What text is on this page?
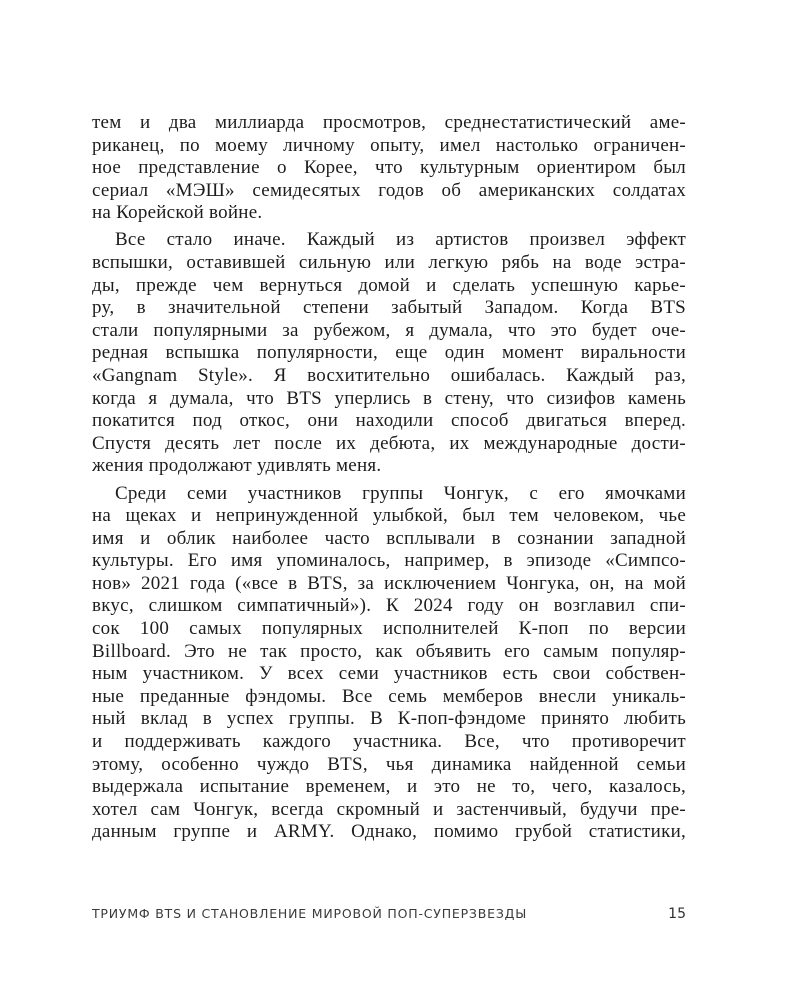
тем и два миллиарда просмотров, среднестатистический аме-
риканец, по моему личному опыту, имел настолько ограничен-
ное представление о Корее, что культурным ориентиром был
сериал «МЭШ» семидесятых годов об американских солдатах
на Корейской войне.
Все стало иначе. Каждый из артистов произвел эффект
вспышки, оставившей сильную или легкую рябь на воде эстра-
ды, прежде чем вернуться домой и сделать успешную карье-
ру, в значительной степени забытый Западом. Когда BTS
стали популярными за рубежом, я думала, что это будет оче-
редная вспышка популярности, еще один момент виральности
«Gangnam Style». Я восхитительно ошибалась. Каждый раз,
когда я думала, что BTS уперлись в стену, что сизифов камень
покатится под откос, они находили способ двигаться вперед.
Спустя десять лет после их дебюта, их международные дости-
жения продолжают удивлять меня.
Среди семи участников группы Чонгук, с его ямочками
на щеках и непринужденной улыбкой, был тем человеком, чье
имя и облик наиболее часто всплывали в сознании западной
культуры. Его имя упоминалось, например, в эпизоде «Симпсо-
нов» 2021 года («все в BTS, за исключением Чонгука, он, на мой
вкус, слишком симпатичный»). К 2024 году он возглавил спи-
сок 100 самых популярных исполнителей К-поп по версии
Billboard. Это не так просто, как объявить его самым популяр-
ным участником. У всех семи участников есть свои собствен-
ные преданные фэндомы. Все семь мемберов внесли уникаль-
ный вклад в успех группы. В К-поп-фэндоме принято любить
и поддерживать каждого участника. Все, что противоречит
этому, особенно чуждо BTS, чья динамика найденной семьи
выдержала испытание временем, и это не то, чего, казалось,
хотел сам Чонгук, всегда скромный и застенчивый, будучи пре-
данным группе и ARMY. Однако, помимо грубой статистики,
ТРИУМФ BTS И СТАНОВЛЕНИЕ МИРОВОЙ ПОП-СУПЕРЗВЕЗДЫ	15
